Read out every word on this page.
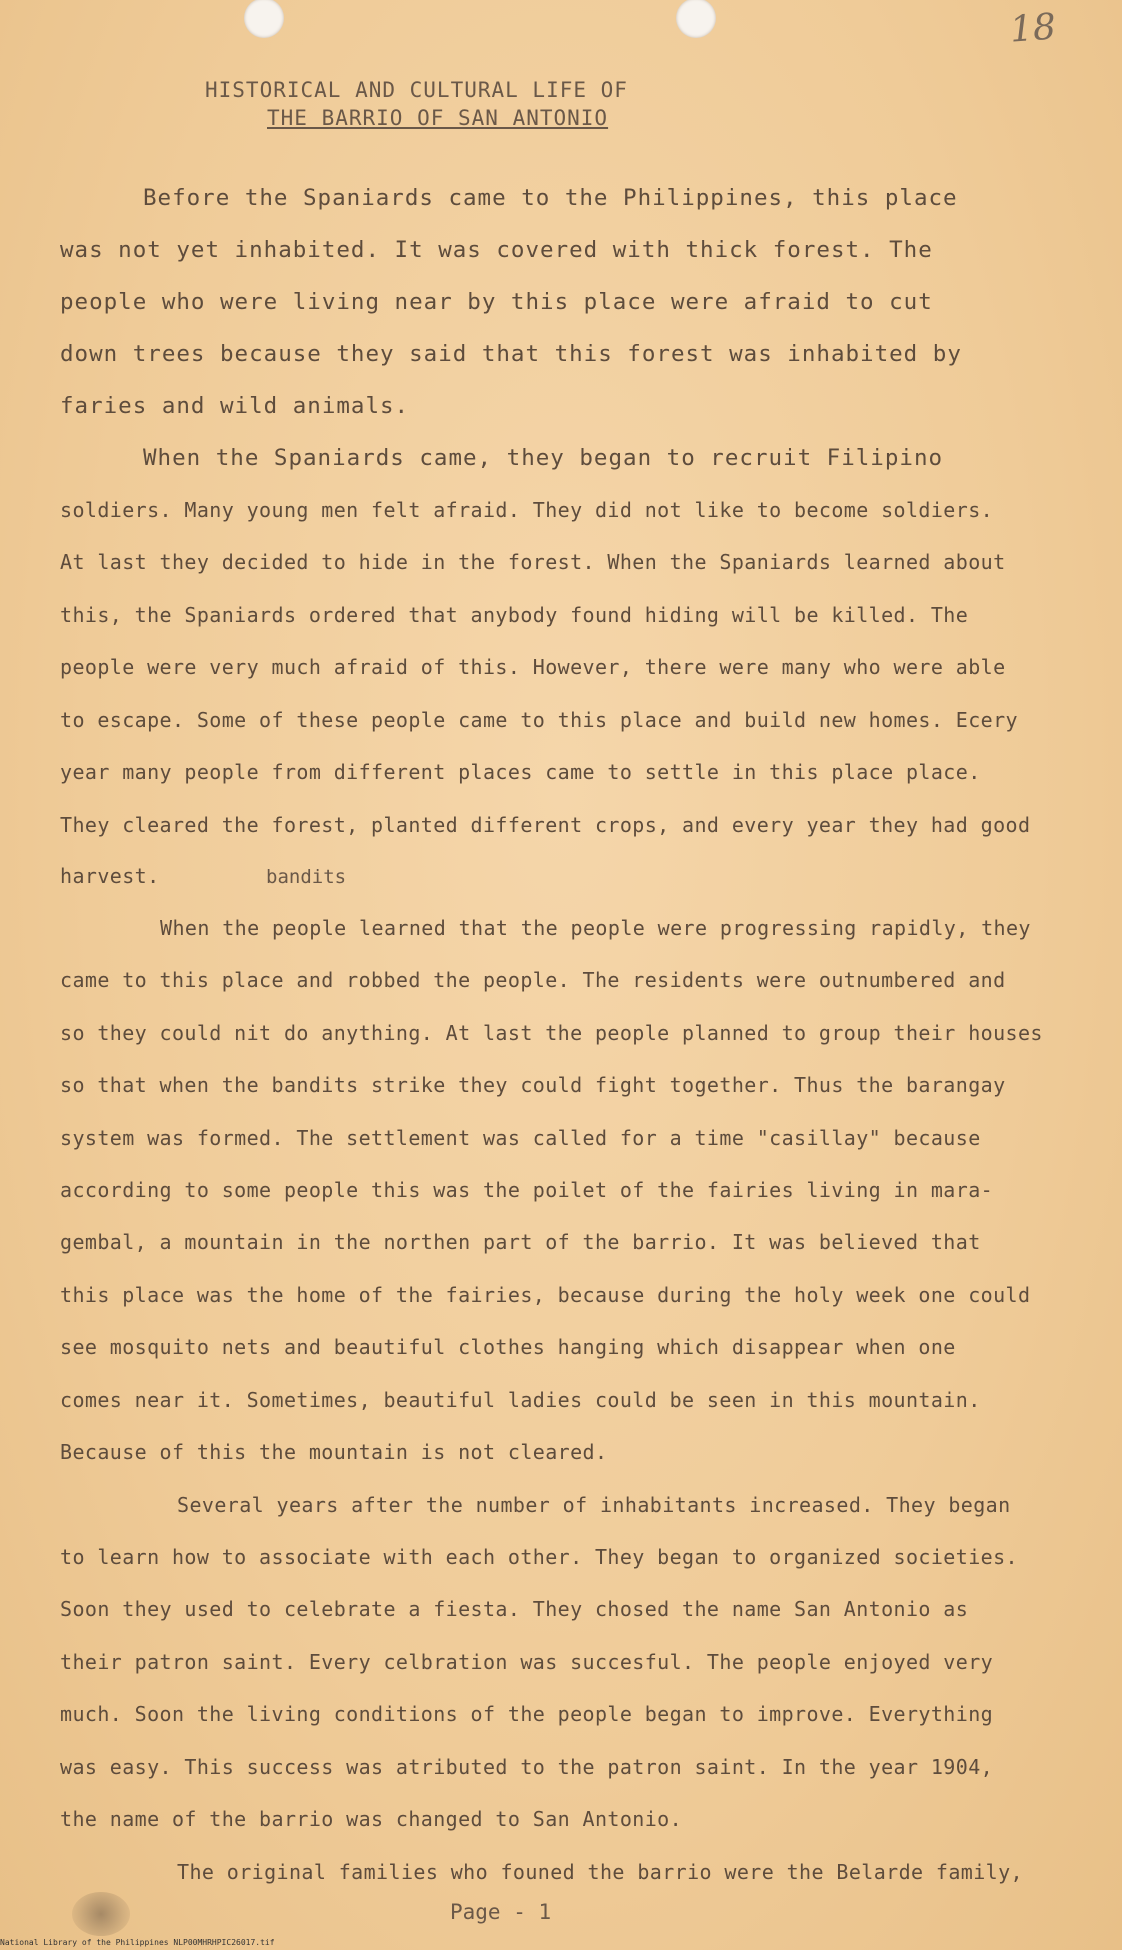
18
HISTORICAL AND CULTURAL LIFE OF
THE BARRIO OF SAN ANTONIO
bandits
Before the Spaniards came to the Philippines, this place
was not yet inhabited. It was covered with thick forest. The
people who were living near by this place were afraid to cut
down trees because they said that this forest was inhabited by
faries and wild animals.
When the Spaniards came, they began to recruit Filipino
soldiers. Many young men felt afraid. They did not like to become soldiers.
At last they decided to hide in the forest. When the Spaniards learned about
this, the Spaniards ordered that anybody found hiding will be killed. The
people were very much afraid of this. However, there were many who were able
to escape. Some of these people came to this place and build new homes. Ecery
year many people from different places came to settle in this place place.
They cleared the forest, planted different crops, and every year they had good
harvest.
When the people learned that the people were progressing rapidly, they
came to this place and robbed the people. The residents were outnumbered and
so they could nit do anything. At last the people planned to group their houses
so that when the bandits strike they could fight together. Thus the barangay
system was formed. The settlement was called for a time "casillay" because
according to some people this was the poilet of the fairies living in mara-
gembal, a mountain in the northen part of the barrio. It was believed that
this place was the home of the fairies, because during the holy week one could
see mosquito nets and beautiful clothes hanging which disappear when one
comes near it. Sometimes, beautiful ladies could be seen in this mountain.
Because of this the mountain is not cleared.
Several years after the number of inhabitants increased. They began
to learn how to associate with each other. They began to organized societies.
Soon they used to celebrate a fiesta. They chosed the name San Antonio as
their patron saint. Every celbration was succesful. The people enjoyed very
much. Soon the living conditions of the people began to improve. Everything
was easy. This success was atributed to the patron saint. In the year 1904,
the name of the barrio was changed to San Antonio.
The original families who founed the barrio were the Belarde family,
Page - 1
National Library of the Philippines NLP00MHRHPIC26017.tif
